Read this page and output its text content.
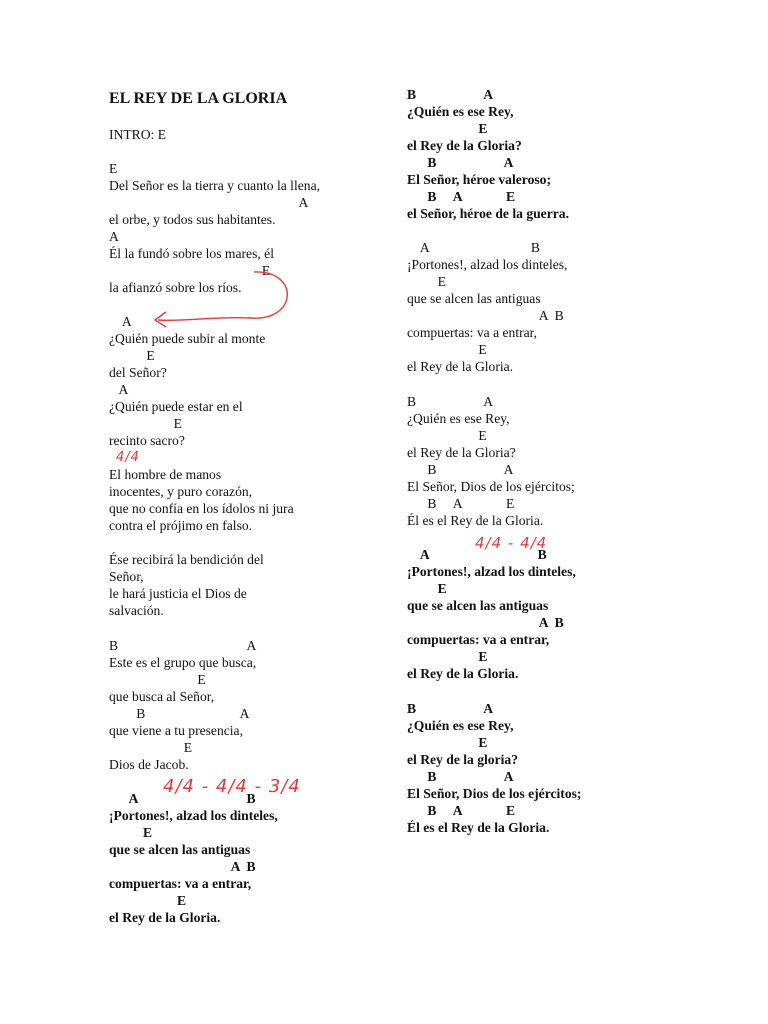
EL REY DE LA GLORIA
INTRO: E
E
Del Señor es la tierra y cuanto la llena,
A
el orbe, y todos sus habitantes.
A
Él la fundó sobre los mares, él
E
la afianzó sobre los ríos.
A
¿Quién puede subir al monte
E
del Señor?
A
¿Quién puede estar en el
E
recinto sacro?
El hombre de manos
inocentes, y puro corazón,
que no confía en los ídolos ni jura
contra el prójimo en falso.
Ése recibirá la bendición del
Señor,
le hará justicia el Dios de
salvación.
B                                      A
Este es el grupo que busca,
E
que busca al Señor,
B                            A
que viene a tu presencia,
E
Dios de Jacob.
A                                B
¡Portones!, alzad los dinteles,
E
que se alcen las antiguas
A  B
compuertas: va a entrar,
E
el Rey de la Gloria.
B                    A
¿Quién es ese Rey,
E
el Rey de la Gloria?
B                    A
El Señor, héroe valeroso;
B     A             E
el Señor, héroe de la guerra.
A                              B
¡Portones!, alzad los dinteles,
E
que se alcen las antiguas
A  B
compuertas: va a entrar,
E
el Rey de la Gloria.
B                    A
¿Quién es ese Rey,
E
el Rey de la Gloria?
B                    A
El Señor, Dios de los ejércitos;
B     A             E
Él es el Rey de la Gloria.
A                                B
¡Portones!, alzad los dinteles,
E
que se alcen las antiguas
A  B
compuertas: va a entrar,
E
el Rey de la Gloria.
B                    A
¿Quién es ese Rey,
E
el Rey de la gloria?
B                    A
El Señor, Dios de los ejércitos;
B     A             E
Él es el Rey de la Gloria.
4/4
4/4 - 4/4 - 3/4
4/4 - 4/4
